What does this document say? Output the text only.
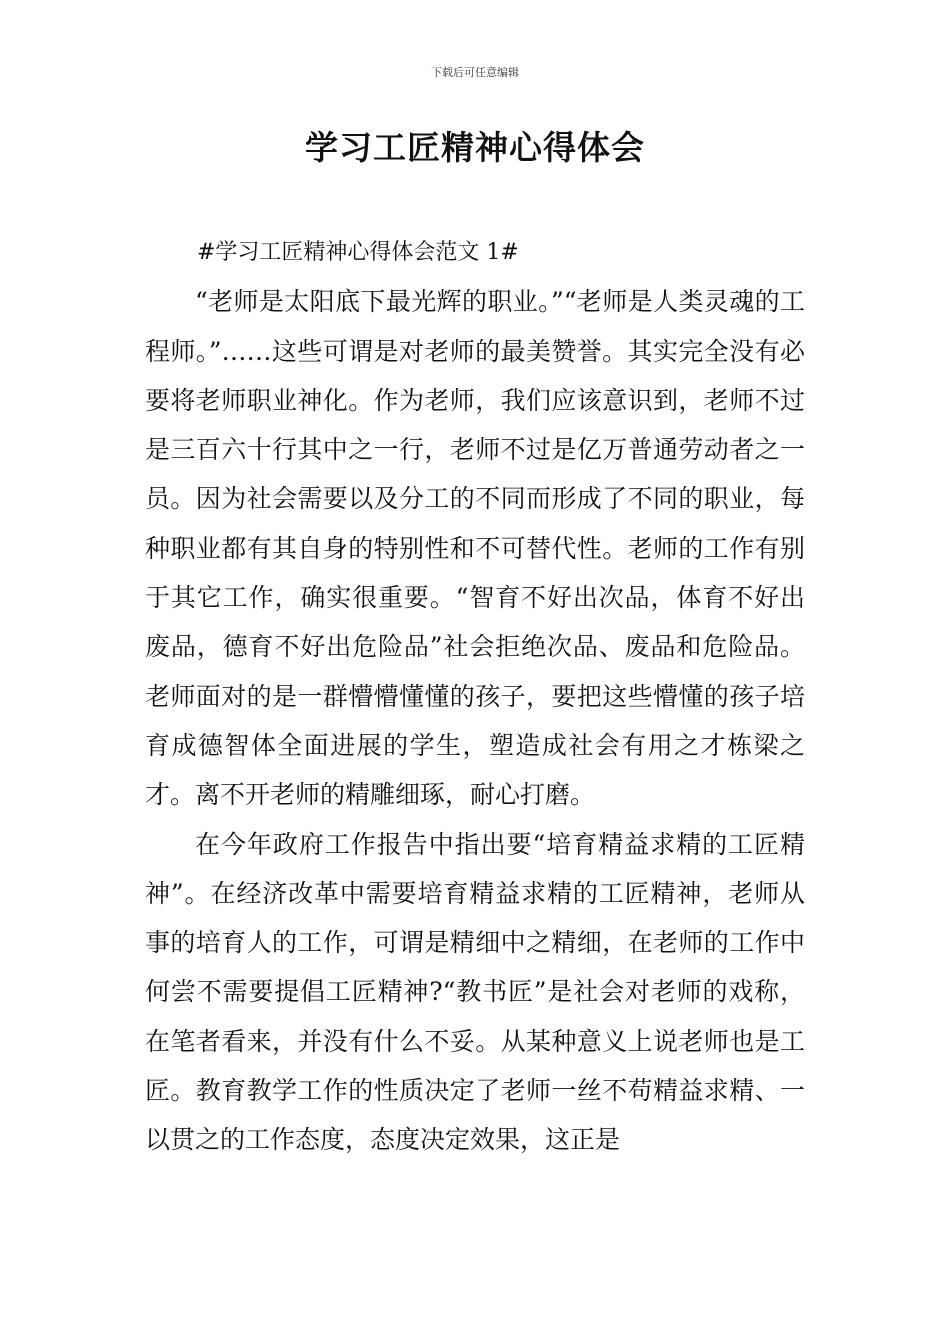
下载后可任意编辑
学习工匠精神心得体会

#学习工匠精神心得体会范文 1#

“老师是太阳底下最光辉的职业。”“老师是人类灵魂的工程师。”……这些可谓是对老师的最美赞誉。其实完全没有必要将老师职业神化。作为老师，我们应该意识到，老师不过是三百六十行其中之一行，老师不过是亿万普通劳动者之一员。因为社会需要以及分工的不同而形成了不同的职业，每种职业都有其自身的特别性和不可替代性。老师的工作有别于其它工作，确实很重要。“智育不好出次品，体育不好出废品，德育不好出危险品”社会拒绝次品、废品和危险品。老师面对的是一群懵懵懂懂的孩子，要把这些懵懂的孩子培育成德智体全面进展的学生，塑造成社会有用之才栋梁之才。离不开老师的精雕细琢，耐心打磨。

在今年政府工作报告中指出要“培育精益求精的工匠精神”。在经济改革中需要培育精益求精的工匠精神，老师从事的培育人的工作，可谓是精细中之精细，在老师的工作中何尝不需要提倡工匠精神?“教书匠”是社会对老师的戏称，在笔者看来，并没有什么不妥。从某种意义上说老师也是工匠。教育教学工作的性质决定了老师一丝不苟精益求精、一以贯之的工作态度，态度决定效果，这正是
